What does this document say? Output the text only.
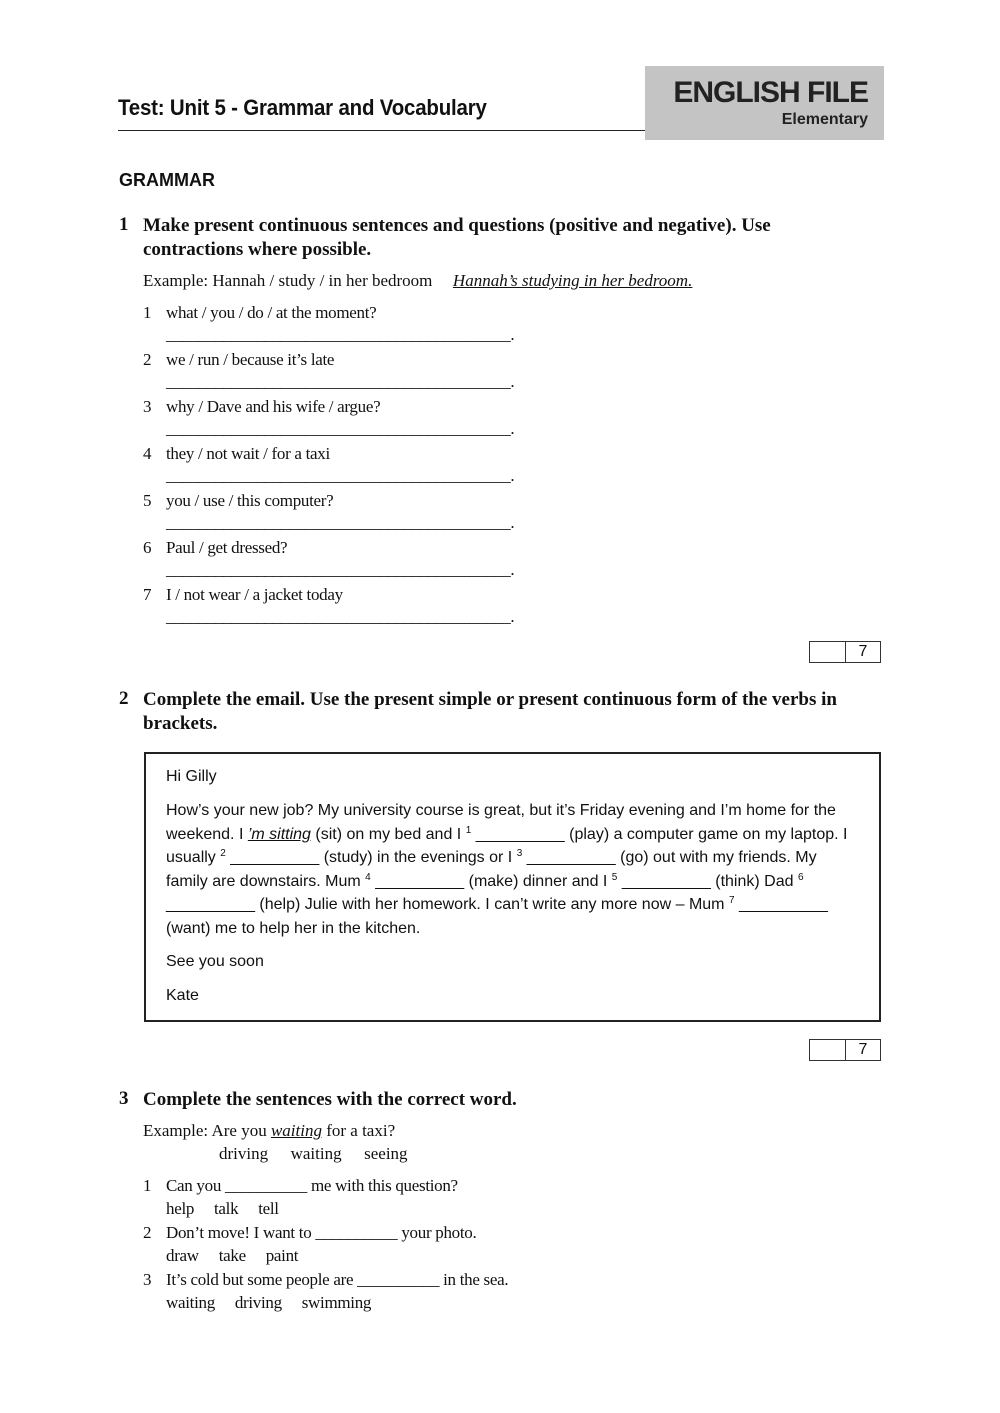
Test: Unit 5 - Grammar and Vocabulary	ENGLISH FILE
Elementary
GRAMMAR
1 Make present continuous sentences and questions (positive and negative). Use
contractions where possible.
Example: Hannah / study / in her bedroom Hannah’s studying in her bedroom.
1 what / you / do / at the moment?
__________________________________________.
2 we / run / because it’s late
__________________________________________.
3 why / Dave and his wife / argue?
__________________________________________.
4 they / not wait / for a taxi
__________________________________________.
5 you / use / this computer?
__________________________________________.
6 Paul / get dressed?
__________________________________________.
7 I / not wear / a jacket today
__________________________________________.
7
2 Complete the email. Use the present simple or present continuous form of the verbs in
brackets.
Hi Gilly
How’s your new job? My university course is great, but it’s Friday evening and I’m home for the weekend. I ’m sitting (sit) on my bed and I $^1$ __________ (play) a computer game on my laptop. I usually $^2$ __________ (study) in the evenings or I $^3$ __________ (go) out with my friends. My family are downstairs. Mum $^4$ __________ (make) dinner and I $^5$ __________ (think) Dad $^6$ __________ (help) Julie with her homework. I can’t write any more now – Mum $^7$ __________ (want) me to help her in the kitchen.
See you soon
Kate
7
3 Complete the sentences with the correct word.
Example: Are you waiting for a taxi?
driving waiting seeing
1 Can you __________ me with this question?
help talk tell
2 Don’t move! I want to __________ your photo.
draw take paint
3 It’s cold but some people are __________ in the sea.
waiting driving swimming
